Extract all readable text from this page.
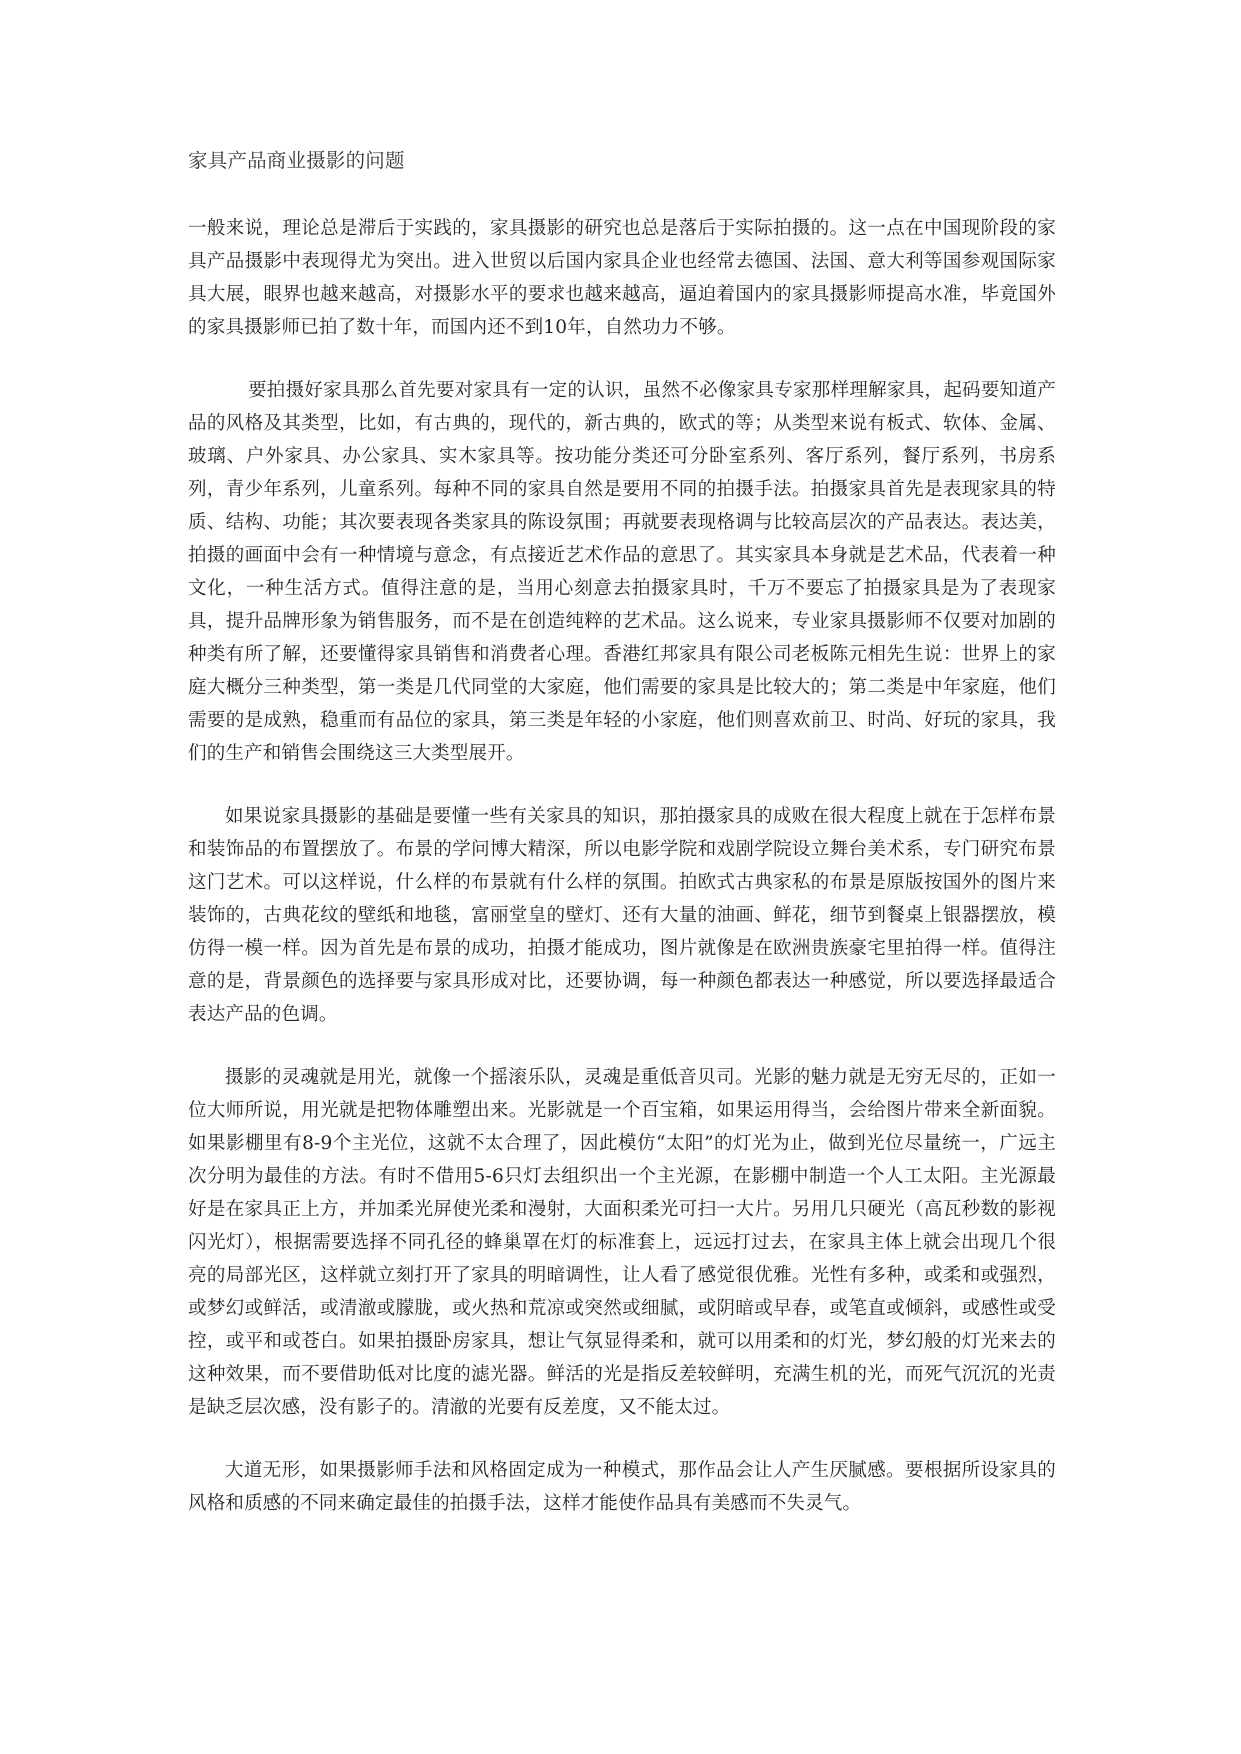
家具产品商业摄影的问题

一般来说，理论总是滞后于实践的，家具摄影的研究也总是落后于实际拍摄的。这一点在中国现阶段的家具产品摄影中表现得尤为突出。进入世贸以后国内家具企业也经常去德国、法国、意大利等国参观国际家具大展，眼界也越来越高，对摄影水平的要求也越来越高，逼迫着国内的家具摄影师提高水准，毕竟国外的家具摄影师已拍了数十年，而国内还不到10年，自然功力不够。

要拍摄好家具那么首先要对家具有一定的认识，虽然不必像家具专家那样理解家具，起码要知道产品的风格及其类型，比如，有古典的，现代的，新古典的，欧式的等；从类型来说有板式、软体、金属、玻璃、户外家具、办公家具、实木家具等。按功能分类还可分卧室系列、客厅系列，餐厅系列，书房系列，青少年系列，儿童系列。每种不同的家具自然是要用不同的拍摄手法。拍摄家具首先是表现家具的特质、结构、功能；其次要表现各类家具的陈设氛围；再就要表现格调与比较高层次的产品表达。表达美，拍摄的画面中会有一种情境与意念，有点接近艺术作品的意思了。其实家具本身就是艺术品，代表着一种文化，一种生活方式。值得注意的是，当用心刻意去拍摄家具时，千万不要忘了拍摄家具是为了表现家具，提升品牌形象为销售服务，而不是在创造纯粹的艺术品。这么说来，专业家具摄影师不仅要对加剧的种类有所了解，还要懂得家具销售和消费者心理。香港红邦家具有限公司老板陈元相先生说：世界上的家庭大概分三种类型，第一类是几代同堂的大家庭，他们需要的家具是比较大的；第二类是中年家庭，他们需要的是成熟，稳重而有品位的家具，第三类是年轻的小家庭，他们则喜欢前卫、时尚、好玩的家具，我们的生产和销售会围绕这三大类型展开。

如果说家具摄影的基础是要懂一些有关家具的知识，那拍摄家具的成败在很大程度上就在于怎样布景和装饰品的布置摆放了。布景的学问博大精深，所以电影学院和戏剧学院设立舞台美术系，专门研究布景这门艺术。可以这样说，什么样的布景就有什么样的氛围。拍欧式古典家私的布景是原版按国外的图片来装饰的，古典花纹的壁纸和地毯，富丽堂皇的壁灯、还有大量的油画、鲜花，细节到餐桌上银器摆放，模仿得一模一样。因为首先是布景的成功，拍摄才能成功，图片就像是在欧洲贵族豪宅里拍得一样。值得注意的是，背景颜色的选择要与家具形成对比，还要协调，每一种颜色都表达一种感觉，所以要选择最适合表达产品的色调。

摄影的灵魂就是用光，就像一个摇滚乐队，灵魂是重低音贝司。光影的魅力就是无穷无尽的，正如一位大师所说，用光就是把物体雕塑出来。光影就是一个百宝箱，如果运用得当，会给图片带来全新面貌。如果影棚里有8-9个主光位，这就不太合理了，因此模仿“太阳”的灯光为止，做到光位尽量统一，广远主次分明为最佳的方法。有时不借用5-6只灯去组织出一个主光源，在影棚中制造一个人工太阳。主光源最好是在家具正上方，并加柔光屏使光柔和漫射，大面积柔光可扫一大片。另用几只硬光（高瓦秒数的影视闪光灯），根据需要选择不同孔径的蜂巢罩在灯的标准套上，远远打过去，在家具主体上就会出现几个很亮的局部光区，这样就立刻打开了家具的明暗调性，让人看了感觉很优雅。光性有多种，或柔和或强烈，或梦幻或鲜活，或清澈或朦胧，或火热和荒凉或突然或细腻，或阴暗或早春，或笔直或倾斜，或感性或受控，或平和或苍白。如果拍摄卧房家具，想让气氛显得柔和，就可以用柔和的灯光，梦幻般的灯光来去的这种效果，而不要借助低对比度的滤光器。鲜活的光是指反差较鲜明，充满生机的光，而死气沉沉的光责是缺乏层次感，没有影子的。清澈的光要有反差度，又不能太过。

大道无形，如果摄影师手法和风格固定成为一种模式，那作品会让人产生厌腻感。要根据所设家具的风格和质感的不同来确定最佳的拍摄手法，这样才能使作品具有美感而不失灵气。
